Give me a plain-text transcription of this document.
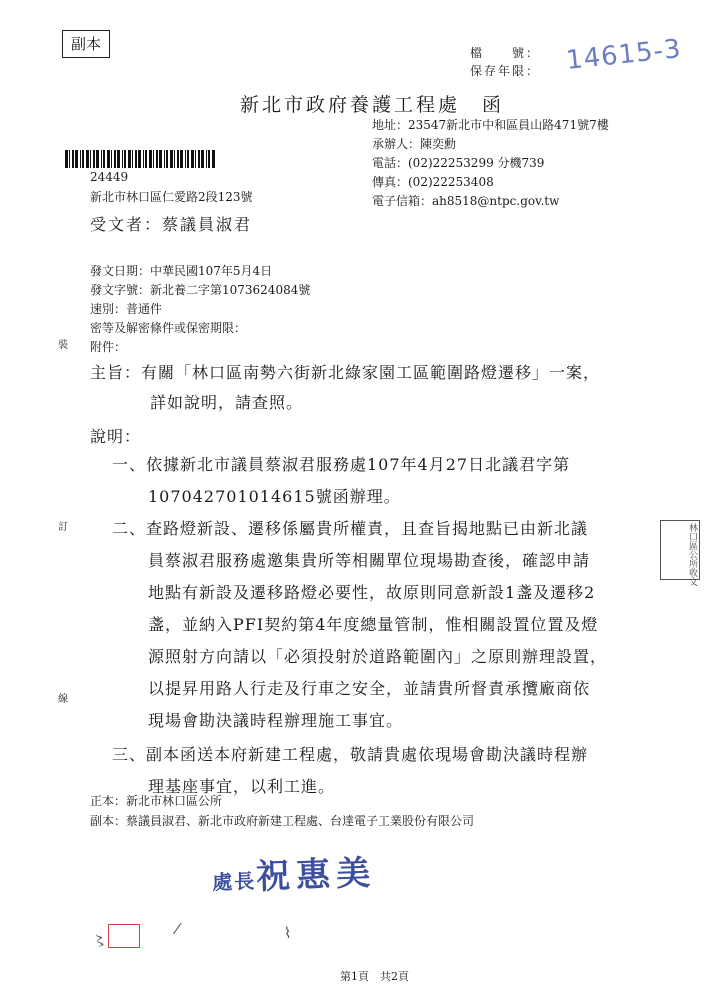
副本	檔　　號：
保存年限： 14615-3
新北市政府養護工程處　函
地址：23547新北市中和區員山路471號7樓
承辦人：陳奕勳
電話：(02)22253299 分機739
傳真：(02)22253408
電子信箱：ah8518@ntpc.gov.tw
24449
新北市林口區仁愛路2段123號
受文者：蔡議員淑君
發文日期：中華民國107年5月4日
發文字號：新北養二字第1073624084號
速別：普通件
密等及解密條件或保密期限：
附件：
裝
訂
線
主旨：有關「林口區南勢六街新北綠家園工區範圍路燈遷移」一案，
詳如說明，請查照。
說明：
一、依據新北市議員蔡淑君服務處107年4月27日北議君字第
107042701014615號函辦理。
二、查路燈新設、遷移係屬貴所權責，且查旨揭地點已由新北議
員蔡淑君服務處邀集貴所等相關單位現場勘查後，確認申請
地點有新設及遷移路燈必要性，故原則同意新設1盞及遷移2
盞，並納入PFI契約第4年度總量管制，惟相關設置位置及燈
源照射方向請以「必須投射於道路範圍內」之原則辦理設置，
以提昇用路人行走及行車之安全，並請貴所督責承攬廠商依
現場會勘決議時程辦理施工事宜。
三、副本函送本府新建工程處，敬請貴處依現場會勘決議時程辦
理基座事宜，以利工進。
正本：新北市林口區公所
副本：蔡議員淑君、新北市政府新建工程處、台達電子工業股份有限公司
林口區公所收文
處長祝惠美
〻
⁄	⌇
第1頁　共2頁
